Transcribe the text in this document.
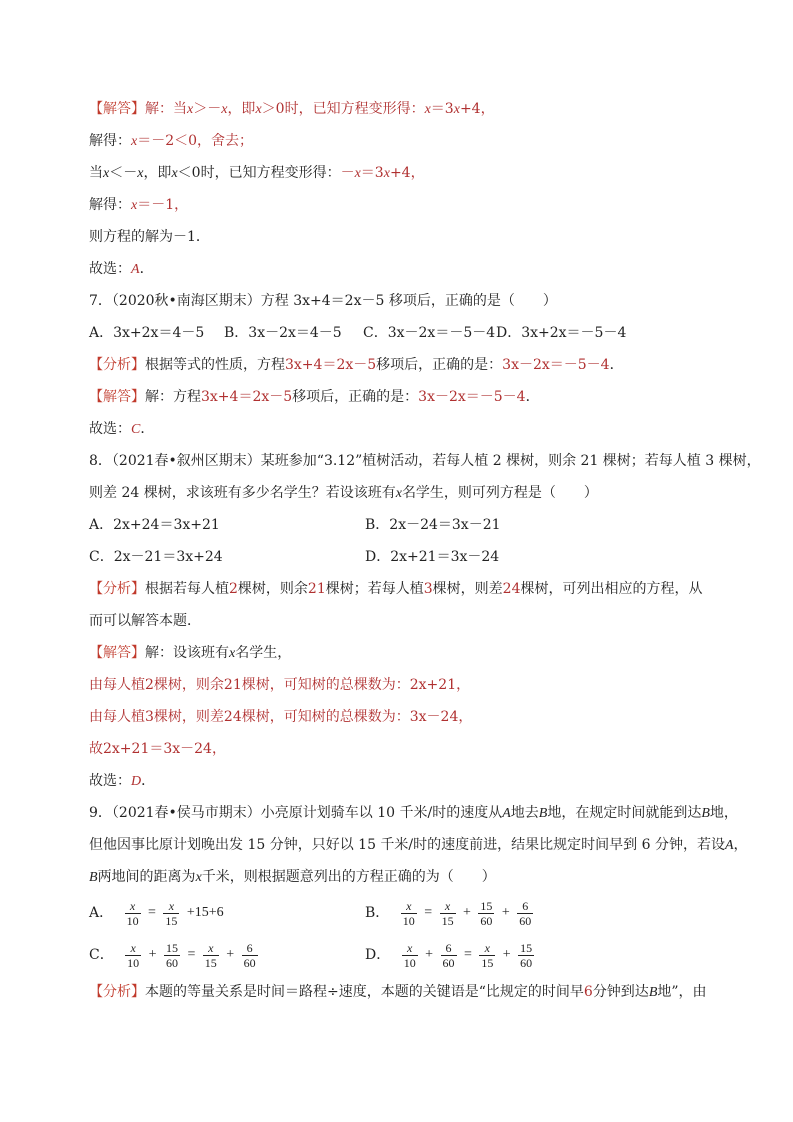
【解答】解：当x＞－x，即x＞0时，已知方程变形得：x＝3x+4，
解得：x＝－2＜0，舍去；
当x＜－x，即x＜0时，已知方程变形得：－x＝3x+4，
解得：x＝－1，
则方程的解为－1．
故选：A．
7．（2020秋•南海区期末）方程 3x+4＝2x－5 移项后，正确的是（　　）
A．3x+2x＝4－5 B．3x－2x＝4－5 C．3x－2x＝－5－4 D．3x+2x＝－5－4
【分析】根据等式的性质，方程3x+4＝2x－5移项后，正确的是：3x－2x＝－5－4．
【解答】解：方程3x+4＝2x－5移项后，正确的是：3x－2x＝－5－4．
故选：C．
8．（2021春•叙州区期末）某班参加“3.12”植树活动，若每人植 2 棵树，则余 21 棵树；若每人植 3 棵树，
则差 24 棵树，求该班有多少名学生？若设该班有x名学生，则可列方程是（　　）
A．2x+24＝3x+21	B．2x－24＝3x－21
C．2x－21＝3x+24	D．2x+21＝3x－24
【分析】根据若每人植2棵树，则余21棵树；若每人植3棵树，则差24棵树，可列出相应的方程，从
而可以解答本题．
【解答】解：设该班有x名学生，
由每人植2棵树，则余21棵树，可知树的总棵数为：2x+21，
由每人植3棵树，则差24棵树，可知树的总棵数为：3x－24，
故2x+21＝3x－24，
故选：D．
9．（2021春•侯马市期末）小亮原计划骑车以 10 千米/时的速度从A地去B地，在规定时间就能到达B地，
但他因事比原计划晚出发 15 分钟，只好以 15 千米/时的速度前进，结果比规定时间早到 6 分钟，若设A，
B两地间的距离为x千米，则根据题意列出的方程正确的为（　　）
A． $\frac{x}{10} = \frac{x}{15} +15+6$	B． $\frac{x}{10} = \frac{x}{15} + \frac{15}{60} + \frac{6}{60}$
C． $\frac{x}{10} + \frac{15}{60} = \frac{x}{15} + \frac{6}{60}$	D． $\frac{x}{10} + \frac{6}{60} = \frac{x}{15} + \frac{15}{60}$
【分析】本题的等量关系是时间＝路程÷速度，本题的关键语是“比规定的时间早6分钟到达B地”，由
